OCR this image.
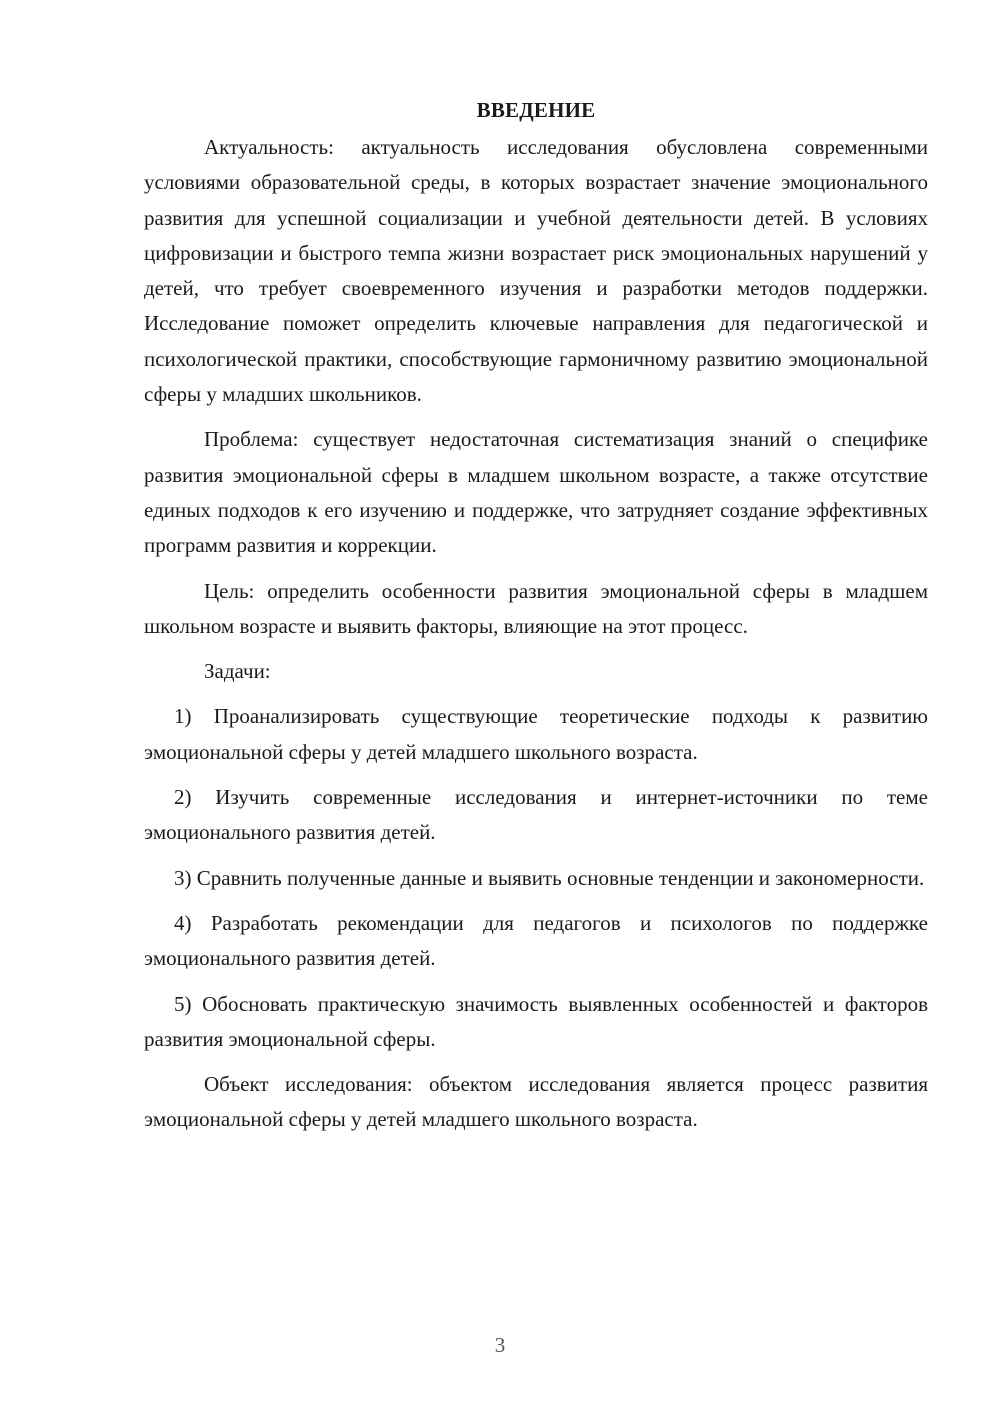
ВВЕДЕНИЕ

Актуальность: актуальность исследования обусловлена современными условиями образовательной среды, в которых возрастает значение эмоционального развития для успешной социализации и учебной деятельности детей. В условиях цифровизации и быстрого темпа жизни возрастает риск эмоциональных нарушений у детей, что требует своевременного изучения и разработки методов поддержки. Исследование поможет определить ключевые направления для педагогической и психологической практики, способствующие гармоничному развитию эмоциональной сферы у младших школьников.

Проблема: существует недостаточная систематизация знаний о специфике развития эмоциональной сферы в младшем школьном возрасте, а также отсутствие единых подходов к его изучению и поддержке, что затрудняет создание эффективных программ развития и коррекции.

Цель: определить особенности развития эмоциональной сферы в младшем школьном возрасте и выявить факторы, влияющие на этот процесс.

Задачи:

1) Проанализировать существующие теоретические подходы к развитию эмоциональной сферы у детей младшего школьного возраста.

2) Изучить современные исследования и интернет-источники по теме эмоционального развития детей.

3) Сравнить полученные данные и выявить основные тенденции и закономерности.

4) Разработать рекомендации для педагогов и психологов по поддержке эмоционального развития детей.

5) Обосновать практическую значимость выявленных особенностей и факторов развития эмоциональной сферы.

Объект исследования: объектом исследования является процесс развития эмоциональной сферы у детей младшего школьного возраста.

3
